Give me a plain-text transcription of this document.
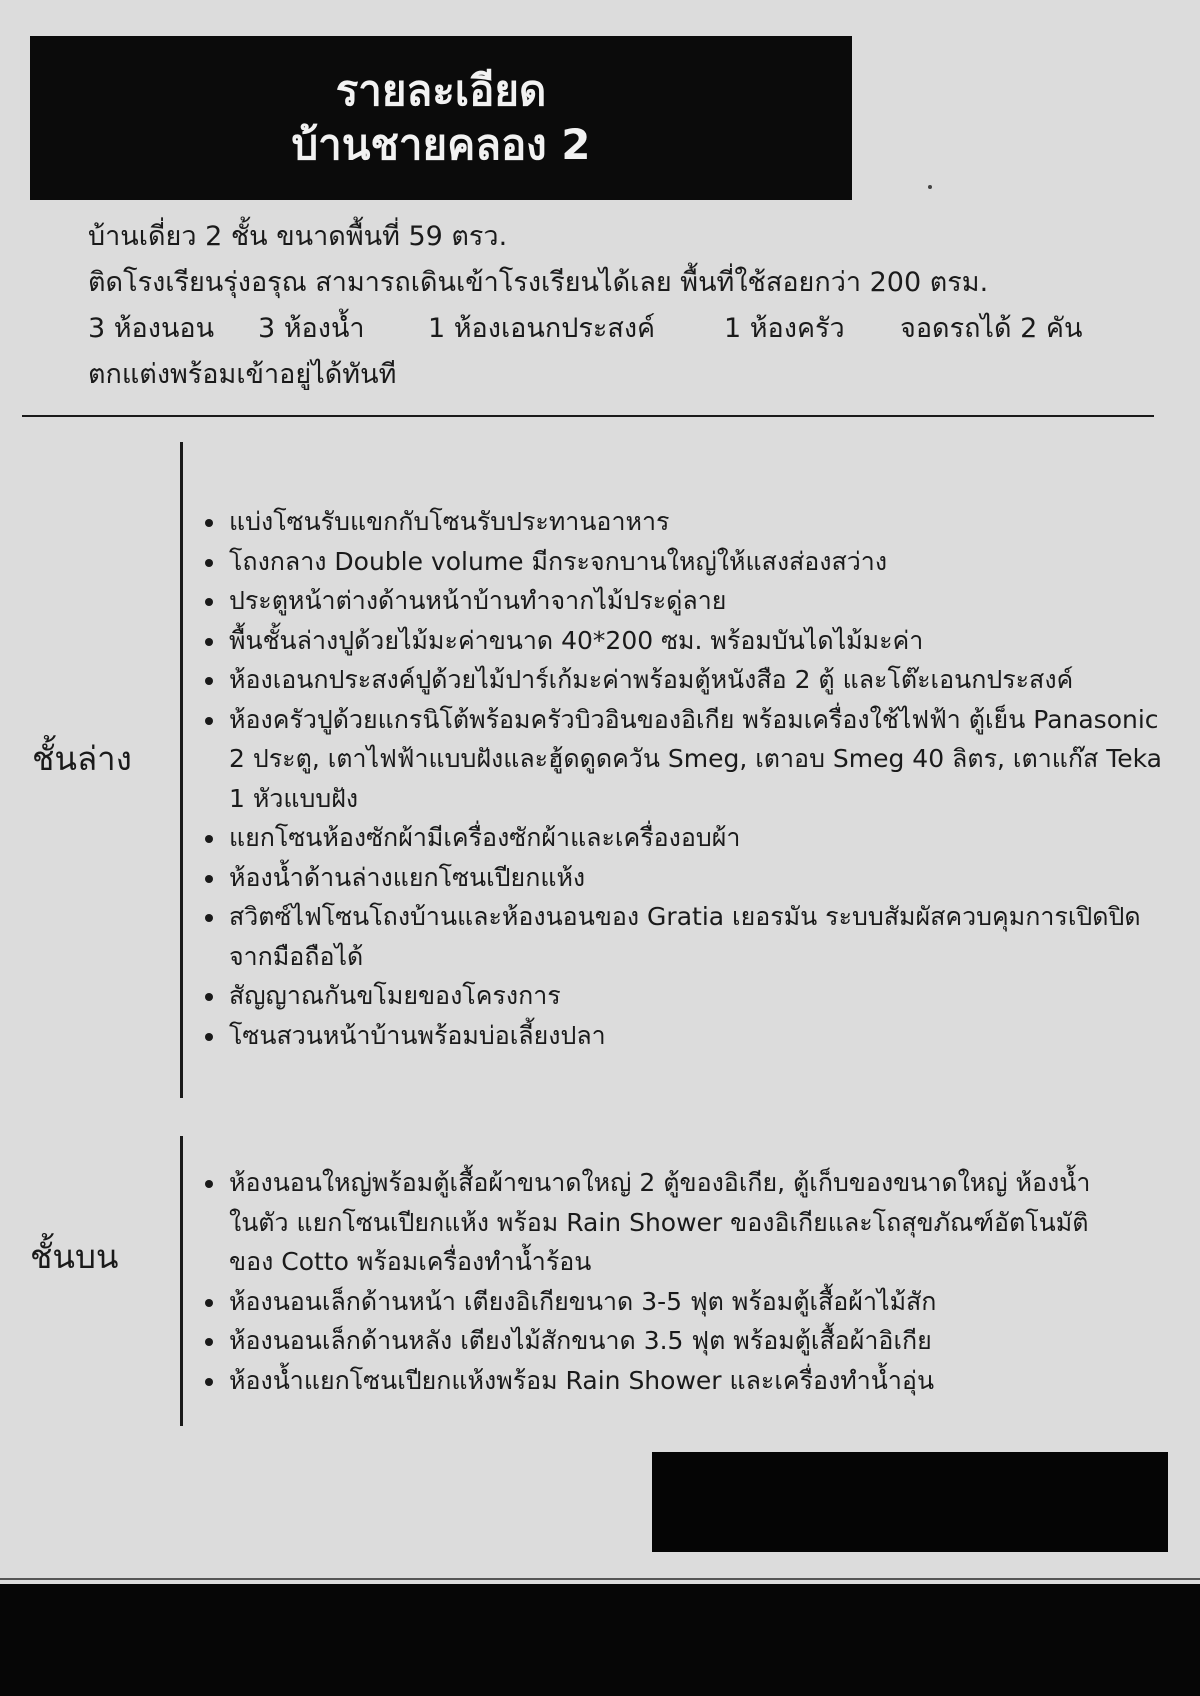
รายละเอียด
บ้านชายคลอง 2
บ้านเดี่ยว 2 ชั้น ขนาดพื้นที่ 59 ตรว.
ติดโรงเรียนรุ่งอรุณ สามารถเดินเข้าโรงเรียนได้เลย พื้นที่ใช้สอยกว่า 200 ตรม.
3 ห้องนอน	3 ห้องน้ำ	1 ห้องเอนกประสงค์	1 ห้องครัว	จอดรถได้ 2 คัน
ตกแต่งพร้อมเข้าอยู่ได้ทันที
ชั้นล่าง
แบ่งโซนรับแขกกับโซนรับประทานอาหาร
โถงกลาง Double volume มีกระจกบานใหญ่ให้แสงส่องสว่าง
ประตูหน้าต่างด้านหน้าบ้านทำจากไม้ประดู่ลาย
พื้นชั้นล่างปูด้วยไม้มะค่าขนาด 40*200 ซม. พร้อมบันไดไม้มะค่า
ห้องเอนกประสงค์ปูด้วยไม้ปาร์เก้มะค่าพร้อมตู้หนังสือ 2 ตู้ และโต๊ะเอนกประสงค์
ห้องครัวปูด้วยแกรนิโต้พร้อมครัวบิวอินของอิเกีย พร้อมเครื่องใช้ไฟฟ้า ตู้เย็น Panasonic 2 ประตู, เตาไฟฟ้าแบบฝังและฮู้ดดูดควัน Smeg, เตาอบ Smeg 40 ลิตร, เตาแก๊ส Teka 1 หัวแบบฝัง
แยกโซนห้องซักผ้ามีเครื่องซักผ้าและเครื่องอบผ้า
ห้องน้ำด้านล่างแยกโซนเปียกแห้ง
สวิตซ์ไฟโซนโถงบ้านและห้องนอนของ Gratia เยอรมัน ระบบสัมผัสควบคุมการเปิดปิดจากมือถือได้
สัญญาณกันขโมยของโครงการ
โซนสวนหน้าบ้านพร้อมบ่อเลี้ยงปลา
ชั้นบน
ห้องนอนใหญ่พร้อมตู้เสื้อผ้าขนาดใหญ่ 2 ตู้ของอิเกีย, ตู้เก็บของขนาดใหญ่ ห้องน้ำในตัว แยกโซนเปียกแห้ง พร้อม Rain Shower ของอิเกียและโถสุขภัณฑ์อัตโนมัติของ Cotto พร้อมเครื่องทำน้ำร้อน
ห้องนอนเล็กด้านหน้า เตียงอิเกียขนาด 3-5 ฟุต พร้อมตู้เสื้อผ้าไม้สัก
ห้องนอนเล็กด้านหลัง เตียงไม้สักขนาด 3.5 ฟุต พร้อมตู้เสื้อผ้าอิเกีย
ห้องน้ำแยกโซนเปียกแห้งพร้อม Rain Shower และเครื่องทำน้ำอุ่น
